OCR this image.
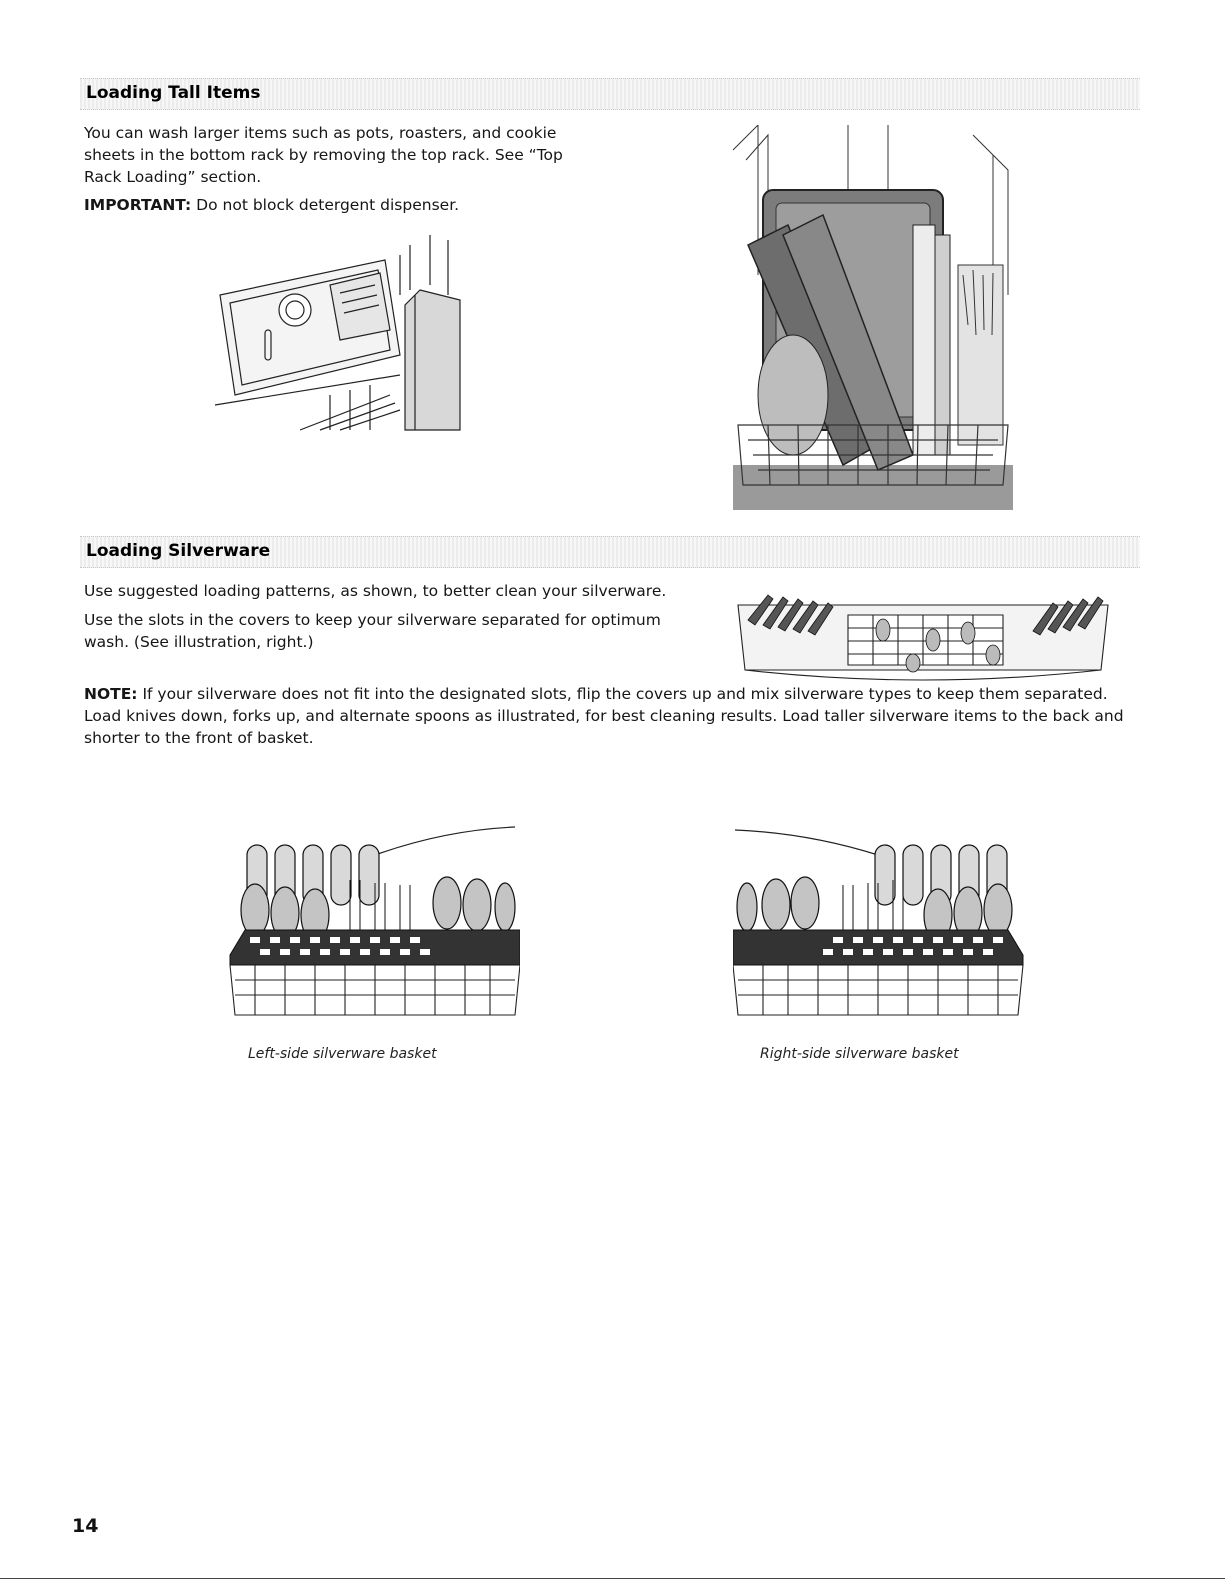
Loading Tall Items

You can wash larger items such as pots, roasters, and cookie sheets in the bottom rack by removing the top rack. See “Top Rack Loading” section.

IMPORTANT: Do not block detergent dispenser.

Loading Silverware

Use suggested loading patterns, as shown, to better clean your silverware.

Use the slots in the covers to keep your silverware separated for optimum wash. (See illustration, right.)

NOTE: If your silverware does not fit into the designated slots, flip the covers up and mix silverware types to keep them separated. Load knives down, forks up, and alternate spoons as illustrated, for best cleaning results. Load taller silverware items to the back and shorter to the front of basket.

Left-side silverware basket	Right-side silverware basket
14
